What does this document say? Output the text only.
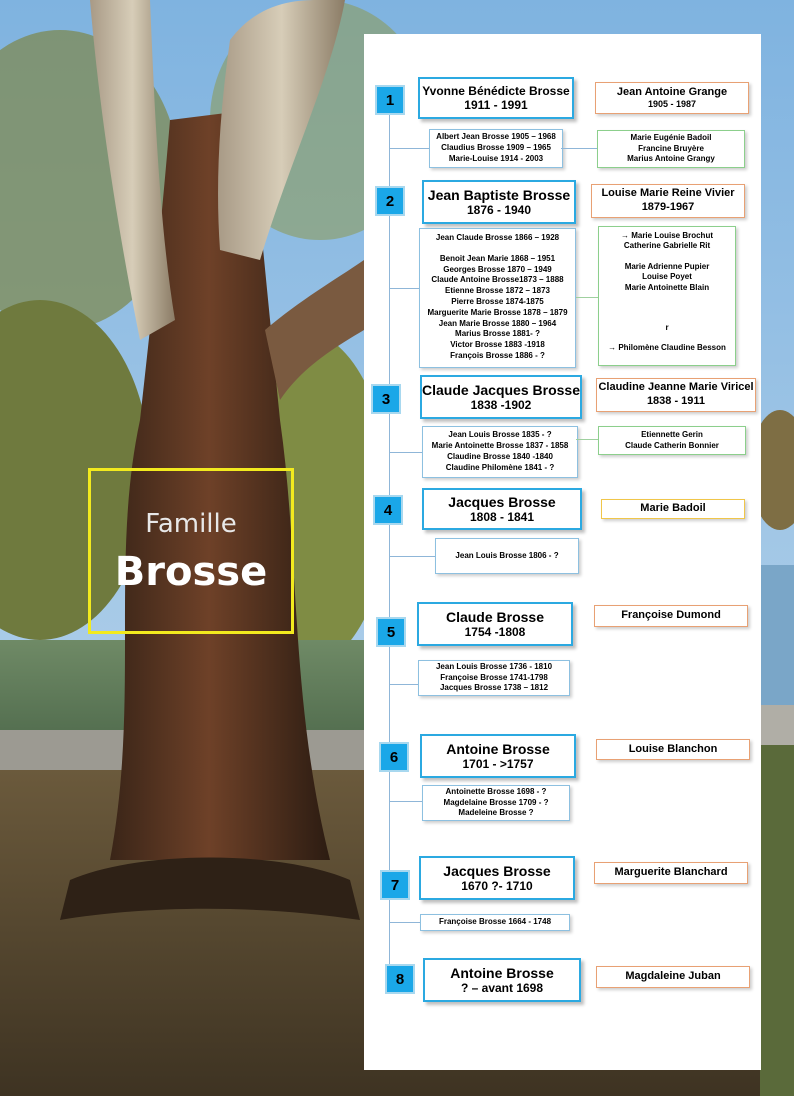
Famille
Brosse
1
Yvonne Bénédicte Brosse
1911 - 1991
Jean Antoine Grange
1905 - 1987
Albert Jean Brosse 1905 – 1968
Claudius Brosse 1909 – 1965
Marie-Louise 1914 - 2003
Marie Eugénie Badoil
Francine Bruyère
Marius Antoine Grangy
2	Jean Baptiste Brosse
1876 - 1940
Louise Marie Reine Vivier
1879-1967
Jean Claude Brosse 1866 – 1928
Benoit Jean Marie 1868 – 1951
Georges Brosse 1870 – 1949
Claude Antoine Brosse1873 – 1888
Etienne Brosse 1872 – 1873
Pierre Brosse 1874-1875
Marguerite Marie Brosse 1878 – 1879
Jean Marie Brosse 1880 – 1964
Marius Brosse 1881- ?
Victor Brosse 1883 -1918
François Brosse 1886 - ?
→ Marie Louise Brochut
Catherine Gabrielle Rit
Marie Adrienne Pupier
Louise Poyet
Marie Antoinette Blain
r
→ Philomène Claudine Besson
3
Claude Jacques Brosse
1838 -1902
Claudine Jeanne Marie Viricel
1838 - 1911
Jean Louis Brosse 1835 - ?
Marie Antoinette Brosse 1837 - 1858
Claudine Brosse 1840 -1840
Claudine Philomène 1841 - ?
Etiennette Gerin
Claude Catherin Bonnier
4	Jacques Brosse
1808 - 1841
Marie Badoil
Jean Louis Brosse 1806 - ?
5
Claude Brosse
1754 -1808
Françoise Dumond
Jean Louis Brosse 1736 - 1810
Françoise Brosse 1741-1798
Jacques Brosse 1738 – 1812
6	Antoine Brosse
1701 - >1757
Louise Blanchon
Antoinette Brosse 1698 - ?
Magdelaine Brosse 1709 - ?
Madeleine Brosse ?
7
Jacques Brosse
1670 ?- 1710
Marguerite Blanchard
Françoise Brosse 1664 - 1748
8	Antoine Brosse
? – avant 1698
Magdaleine Juban
